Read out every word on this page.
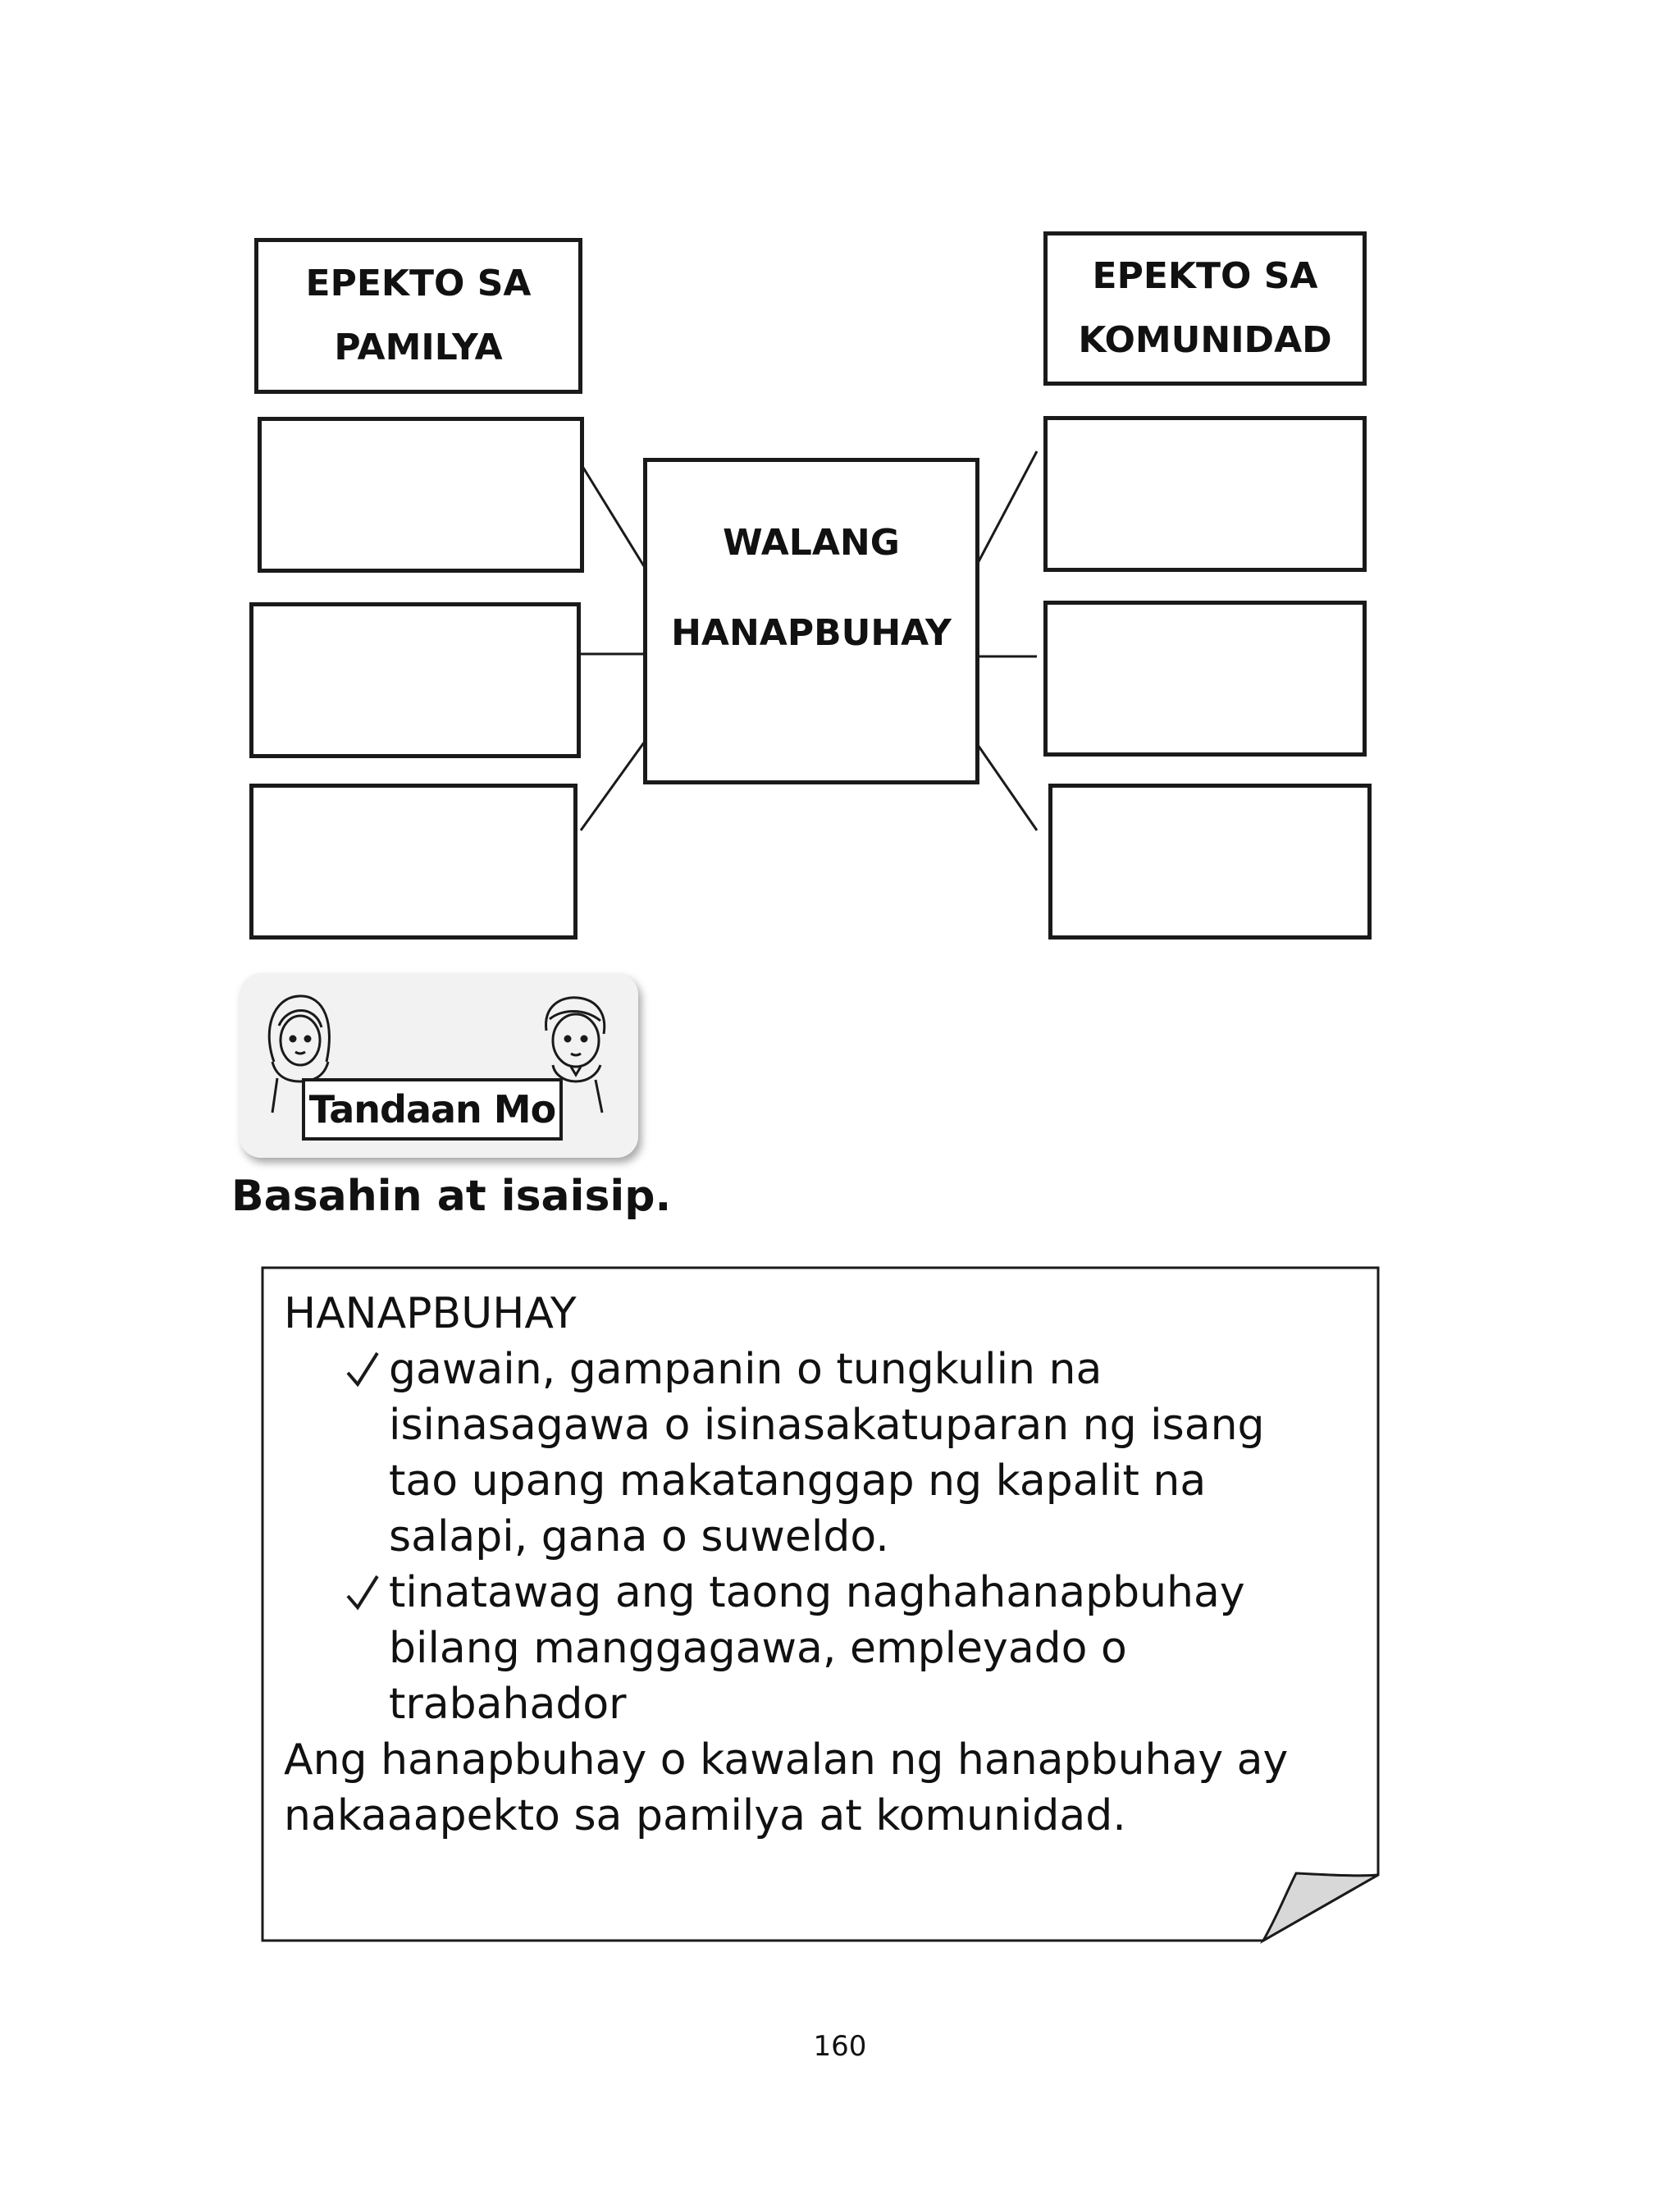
EPEKTO SA
PAMILYA
EPEKTO SA
KOMUNIDAD
WALANG
HANAPBUHAY
Tandaan Mo
Basahin at isaisip.
HANAPBUHAY
gawain, gampanin o tungkulin na isinasagawa o isinasakatuparan ng isang tao upang makatanggap ng kapalit na salapi, gana o suweldo.
tinatawag ang taong naghahanapbuhay bilang manggagawa, empleyado o trabahador
Ang hanapbuhay o kawalan ng hanapbuhay ay nakaaapekto sa pamilya at komunidad.
160
